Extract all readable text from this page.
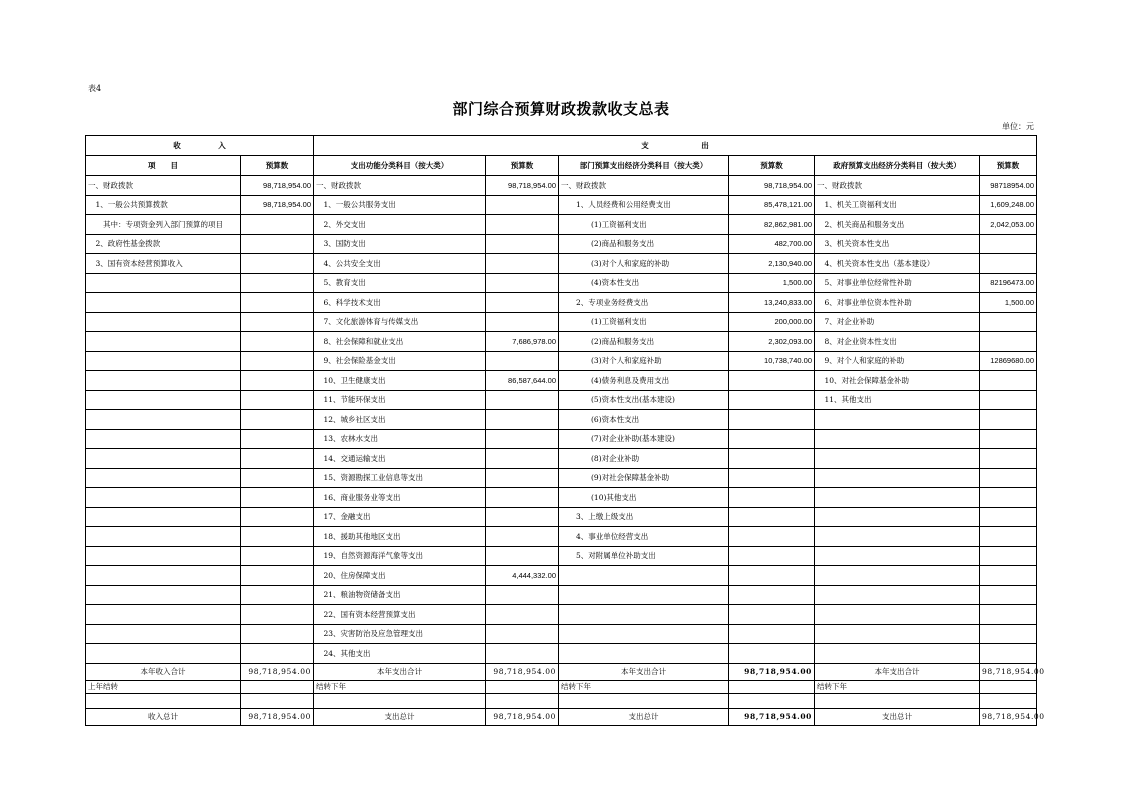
表4
部门综合预算财政拨款收支总表
单位：元
收　　　　　入		支　　　　　　　出					
项　　目	预算数	支出功能分类科目（按大类）	预算数	部门预算支出经济分类科目（按大类）	预算数	政府预算支出经济分类科目（按大类）	预算数
一、财政拨款	98,718,954.00	一、财政拨款	98,718,954.00	一、财政拨款	98,718,954.00	一、财政拨款	98718954.00
　1、一般公共预算拨款	98,718,954.00	　1、一般公共服务支出		　　1、人员经费和公用经费支出	85,478,121.00	　1、机关工资福利支出	1,609,248.00
　　其中：专项资金列入部门预算的项目		　2、外交支出		　　　　(1)工资福利支出	82,862,981.00	　2、机关商品和服务支出	2,042,053.00
　2、政府性基金拨款		　3、国防支出		　　　　(2)商品和服务支出	482,700.00	　3、机关资本性支出	
　3、国有资本经营预算收入		　4、公共安全支出		　　　　(3)对个人和家庭的补助	2,130,940.00	　4、机关资本性支出（基本建设）	
		　5、教育支出		　　　　(4)资本性支出	1,500.00	　5、对事业单位经常性补助	82196473.00
		　6、科学技术支出		　　2、专项业务经费支出	13,240,833.00	　6、对事业单位资本性补助	1,500.00
		　7、文化旅游体育与传媒支出		　　　　(1)工资福利支出	200,000.00	　7、对企业补助	
		　8、社会保障和就业支出	7,686,978.00	　　　　(2)商品和服务支出	2,302,093.00	　8、对企业资本性支出	
		　9、社会保险基金支出		　　　　(3)对个人和家庭补助	10,738,740.00	　9、对个人和家庭的补助	12869680.00
		　10、卫生健康支出	86,587,644.00	　　　　(4)债务利息及费用支出		　10、对社会保障基金补助	
		　11、节能环保支出		　　　　(5)资本性支出(基本建设)		　11、其他支出	
		　12、城乡社区支出		　　　　(6)资本性支出			
		　13、农林水支出		　　　　(7)对企业补助(基本建设)			
		　14、交通运输支出		　　　　(8)对企业补助			
		　15、资源勘探工业信息等支出		　　　　(9)对社会保障基金补助			
		　16、商业服务业等支出		　　　　(10)其他支出			
		　17、金融支出		　　3、上缴上级支出			
		　18、援助其他地区支出		　　4、事业单位经营支出			
		　19、自然资源海洋气象等支出		　　5、对附属单位补助支出			
		　20、住房保障支出	4,444,332.00				
		　21、粮油物资储备支出					
		　22、国有资本经营预算支出					
		　23、灾害防治及应急管理支出					
		　24、其他支出					
本年收入合计	98,718,954.00	本年支出合计	98,718,954.00	本年支出合计	98,718,954.00	本年支出合计	98,718,954.00
上年结转		结转下年		结转下年		结转下年	

收入总计	98,718,954.00	支出总计	98,718,954.00	支出总计	98,718,954.00	支出总计	98,718,954.00
